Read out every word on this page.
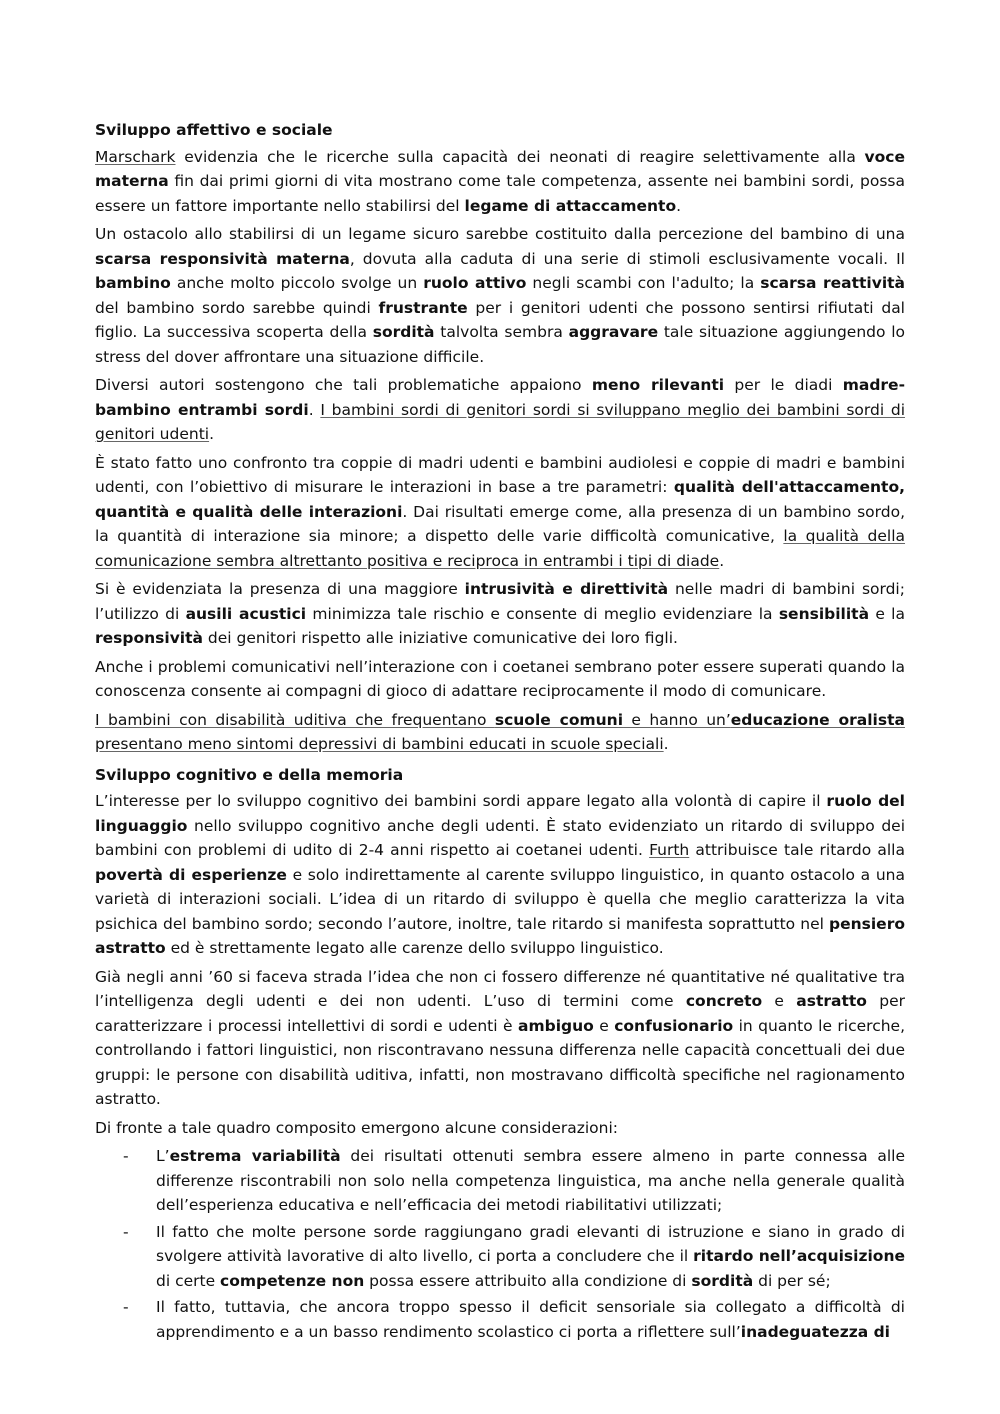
Sviluppo affettivo e sociale

Marschark evidenzia che le ricerche sulla capacità dei neonati di reagire selettivamente alla voce materna fin dai primi giorni di vita mostrano come tale competenza, assente nei bambini sordi, possa essere un fattore importante nello stabilirsi del legame di attaccamento.

Un ostacolo allo stabilirsi di un legame sicuro sarebbe costituito dalla percezione del bambino di una scarsa responsività materna, dovuta alla caduta di una serie di stimoli esclusivamente vocali. Il bambino anche molto piccolo svolge un ruolo attivo negli scambi con l'adulto; la scarsa reattività del bambino sordo sarebbe quindi frustrante per i genitori udenti che possono sentirsi rifiutati dal figlio. La successiva scoperta della sordità talvolta sembra aggravare tale situazione aggiungendo lo stress del dover affrontare una situazione difficile.

Diversi autori sostengono che tali problematiche appaiono meno rilevanti per le diadi madre-bambino entrambi sordi. I bambini sordi di genitori sordi si sviluppano meglio dei bambini sordi di genitori udenti.

È stato fatto uno confronto tra coppie di madri udenti e bambini audiolesi e coppie di madri e bambini udenti, con l’obiettivo di misurare le interazioni in base a tre parametri: qualità dell'attaccamento, quantità e qualità delle interazioni. Dai risultati emerge come, alla presenza di un bambino sordo, la quantità di interazione sia minore; a dispetto delle varie difficoltà comunicative, la qualità della comunicazione sembra altrettanto positiva e reciproca in entrambi i tipi di diade.

Si è evidenziata la presenza di una maggiore intrusività e direttività nelle madri di bambini sordi; l’utilizzo di ausili acustici minimizza tale rischio e consente di meglio evidenziare la sensibilità e la responsività dei genitori rispetto alle iniziative comunicative dei loro figli.

Anche i problemi comunicativi nell’interazione con i coetanei sembrano poter essere superati quando la conoscenza consente ai compagni di gioco di adattare reciprocamente il modo di comunicare.

I bambini con disabilità uditiva che frequentano scuole comuni e hanno un’educazione oralista presentano meno sintomi depressivi di bambini educati in scuole speciali.

Sviluppo cognitivo e della memoria

L’interesse per lo sviluppo cognitivo dei bambini sordi appare legato alla volontà di capire il ruolo del linguaggio nello sviluppo cognitivo anche degli udenti. È stato evidenziato un ritardo di sviluppo dei bambini con problemi di udito di 2-4 anni rispetto ai coetanei udenti. Furth attribuisce tale ritardo alla povertà di esperienze e solo indirettamente al carente sviluppo linguistico, in quanto ostacolo a una varietà di interazioni sociali. L’idea di un ritardo di sviluppo è quella che meglio caratterizza la vita psichica del bambino sordo; secondo l’autore, inoltre, tale ritardo si manifesta soprattutto nel pensiero astratto ed è strettamente legato alle carenze dello sviluppo linguistico.

Già negli anni ’60 si faceva strada l’idea che non ci fossero differenze né quantitative né qualitative tra l’intelligenza degli udenti e dei non udenti. L’uso di termini come concreto e astratto per caratterizzare i processi intellettivi di sordi e udenti è ambiguo e confusionario in quanto le ricerche, controllando i fattori linguistici, non riscontravano nessuna differenza nelle capacità concettuali dei due gruppi: le persone con disabilità uditiva, infatti, non mostravano difficoltà specifiche nel ragionamento astratto.

Di fronte a tale quadro composito emergono alcune considerazioni:

- L’estrema variabilità dei risultati ottenuti sembra essere almeno in parte connessa alle differenze riscontrabili non solo nella competenza linguistica, ma anche nella generale qualità dell’esperienza educativa e nell’efficacia dei metodi riabilitativi utilizzati;
- Il fatto che molte persone sorde raggiungano gradi elevanti di istruzione e siano in grado di svolgere attività lavorative di alto livello, ci porta a concludere che il ritardo nell’acquisizione di certe competenze non possa essere attribuito alla condizione di sordità di per sé;
- Il fatto, tuttavia, che ancora troppo spesso il deficit sensoriale sia collegato a difficoltà di apprendimento e a un basso rendimento scolastico ci porta a riflettere sull’inadeguatezza di
